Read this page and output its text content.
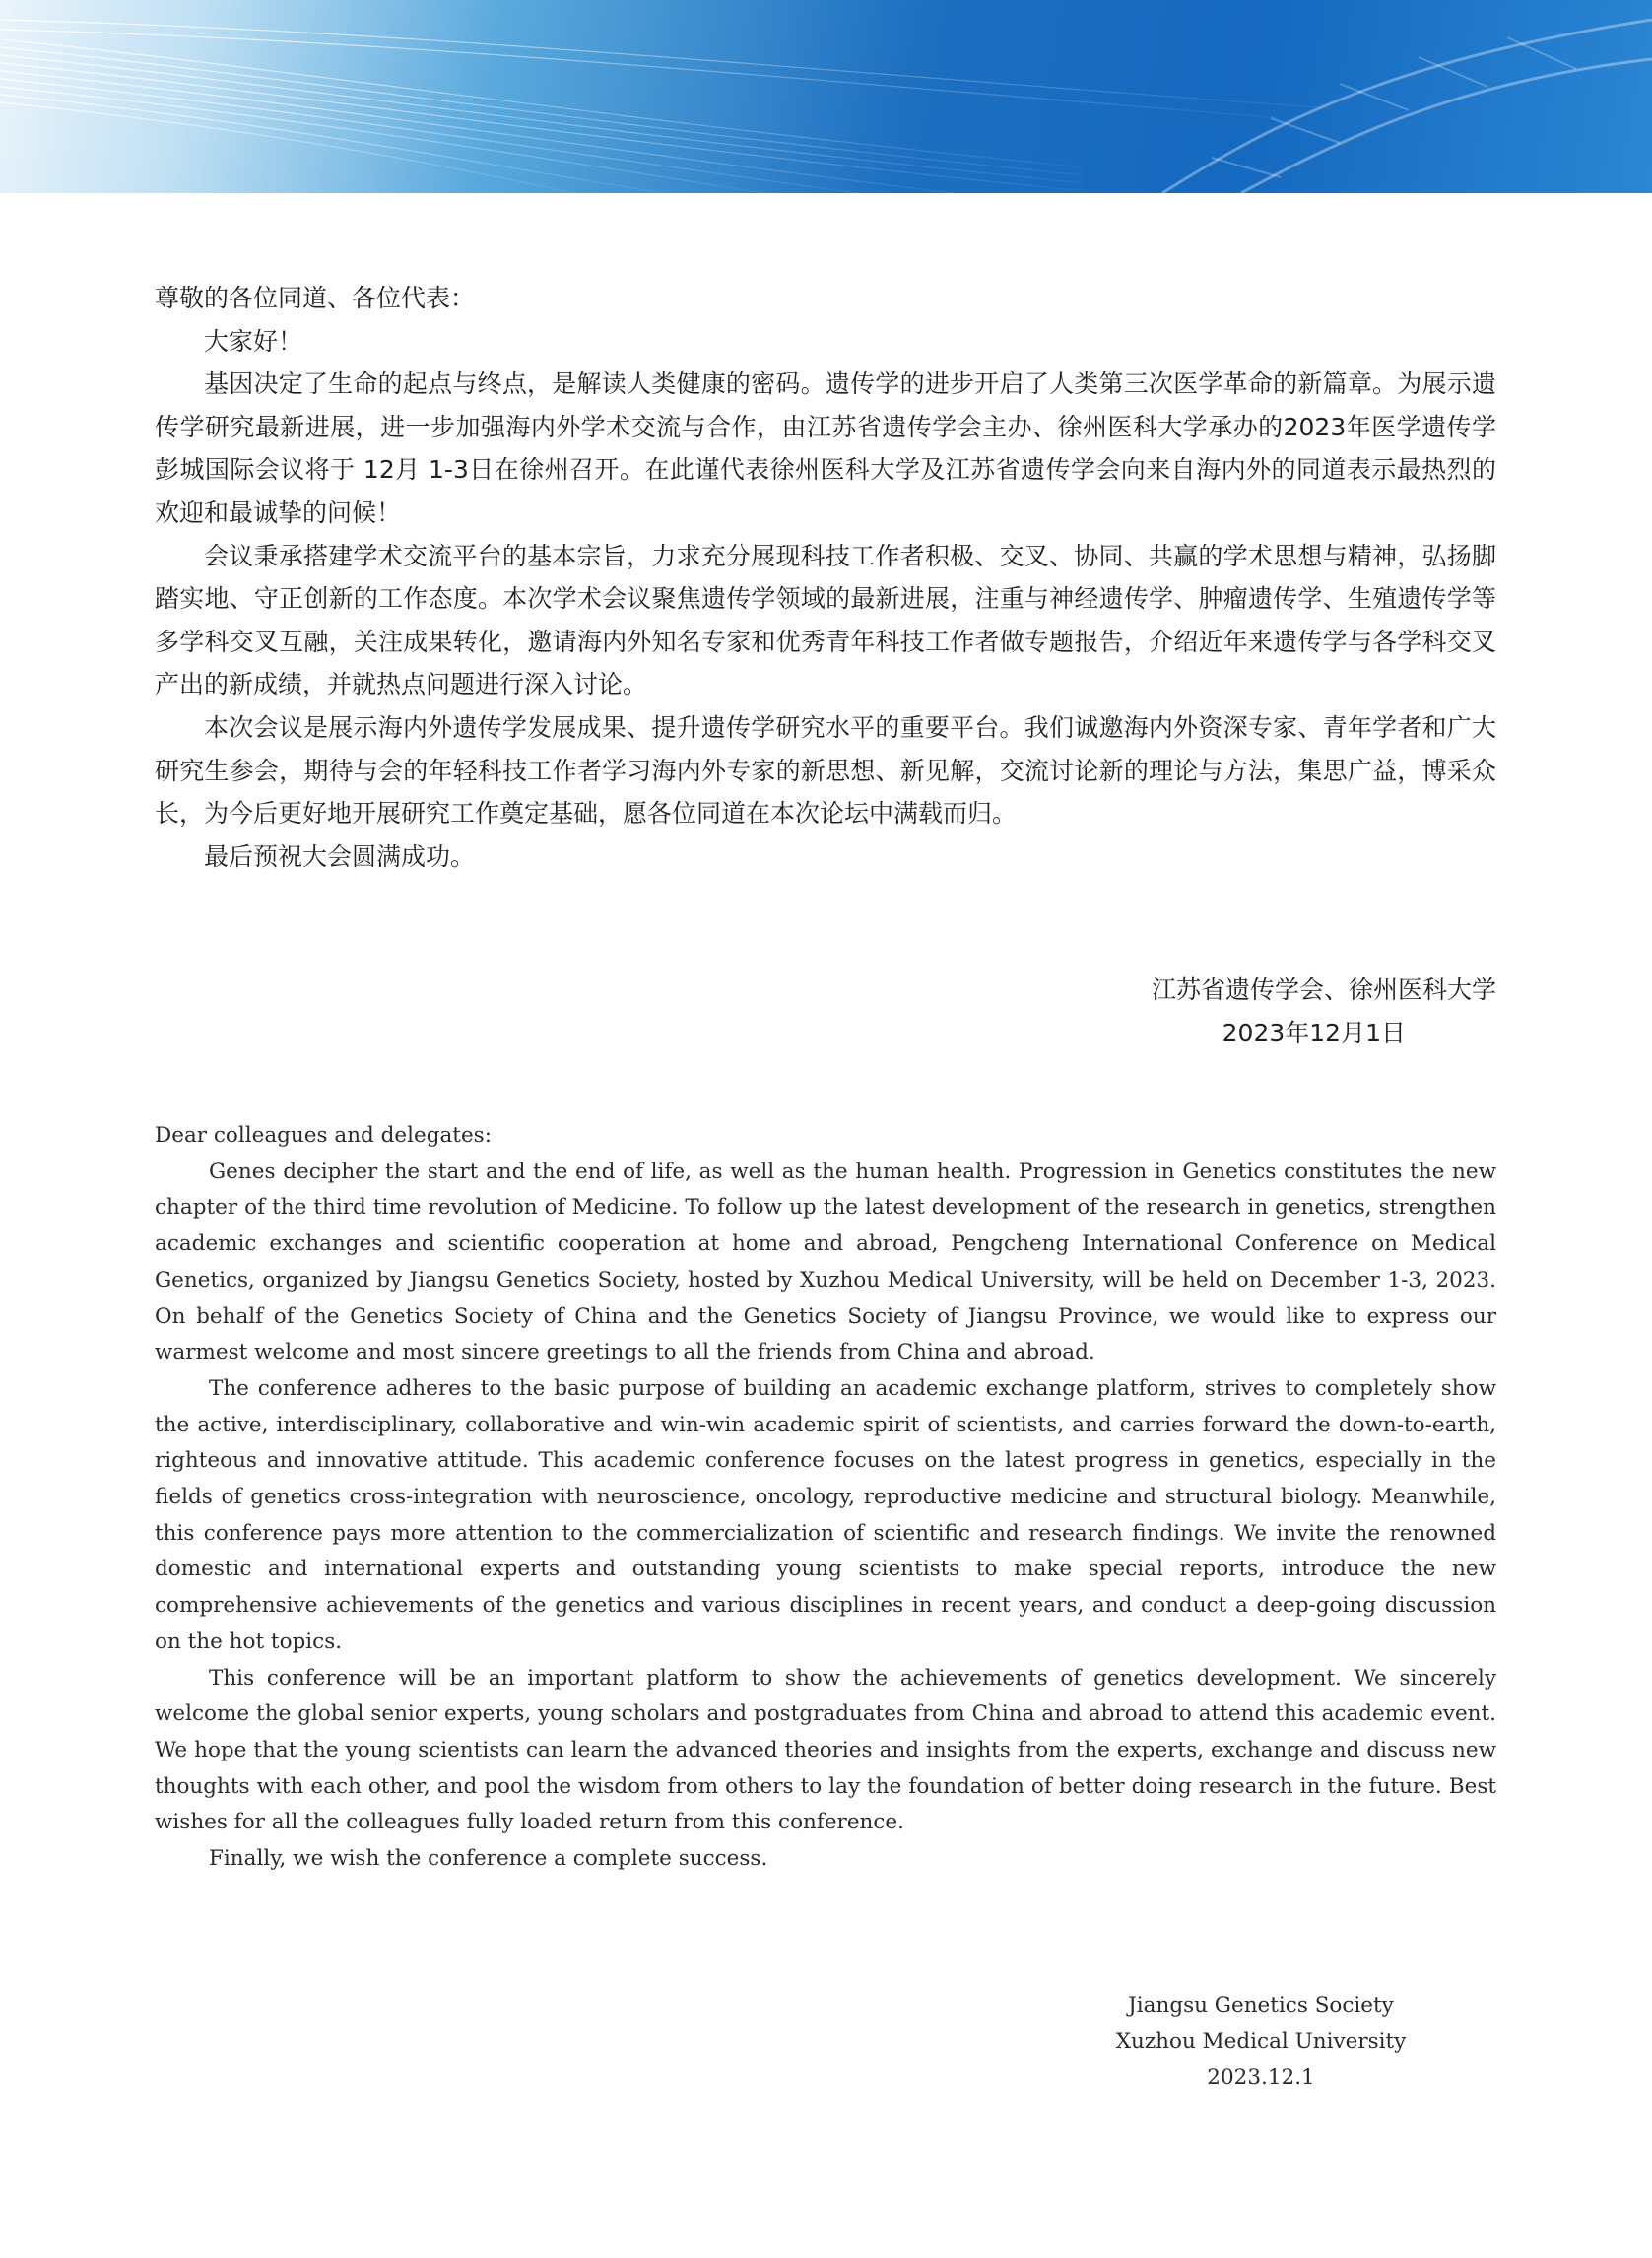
尊敬的各位同道、各位代表：

大家好！

基因决定了生命的起点与终点，是解读人类健康的密码。遗传学的进步开启了人类第三次医学革命的新篇章。为展示遗传学研究最新进展，进一步加强海内外学术交流与合作，由江苏省遗传学会主办、徐州医科大学承办的2023年医学遗传学彭城国际会议将于 12月 1-3日在徐州召开。在此谨代表徐州医科大学及江苏省遗传学会向来自海内外的同道表示最热烈的欢迎和最诚挚的问候！

会议秉承搭建学术交流平台的基本宗旨，力求充分展现科技工作者积极、交叉、协同、共赢的学术思想与精神，弘扬脚踏实地、守正创新的工作态度。本次学术会议聚焦遗传学领域的最新进展，注重与神经遗传学、肿瘤遗传学、生殖遗传学等多学科交叉互融，关注成果转化，邀请海内外知名专家和优秀青年科技工作者做专题报告，介绍近年来遗传学与各学科交叉产出的新成绩，并就热点问题进行深入讨论。

本次会议是展示海内外遗传学发展成果、提升遗传学研究水平的重要平台。我们诚邀海内外资深专家、青年学者和广大研究生参会，期待与会的年轻科技工作者学习海内外专家的新思想、新见解，交流讨论新的理论与方法，集思广益，博采众长，为今后更好地开展研究工作奠定基础，愿各位同道在本次论坛中满载而归。

最后预祝大会圆满成功。

江苏省遗传学会、徐州医科大学
2023年12月1日

Dear colleagues and delegates:

Genes decipher the start and the end of life, as well as the human health. Progression in Genetics constitutes the new chapter of the third time revolution of Medicine. To follow up the latest development of the research in genetics, strengthen academic exchanges and scientific cooperation at home and abroad, Pengcheng International Conference on Medical Genetics, organized by Jiangsu Genetics Society, hosted by Xuzhou Medical University, will be held on December 1-3, 2023. On behalf of the Genetics Society of China and the Genetics Society of Jiangsu Province, we would like to express our warmest welcome and most sincere greetings to all the friends from China and abroad.

The conference adheres to the basic purpose of building an academic exchange platform, strives to completely show the active, interdisciplinary, collaborative and win-win academic spirit of scientists, and carries forward the down-to-earth, righteous and innovative attitude. This academic conference focuses on the latest progress in genetics, especially in the fields of genetics cross-integration with neuroscience, oncology, reproductive medicine and structural biology. Meanwhile, this conference pays more attention to the commercialization of scientific and research findings. We invite the renowned domestic and international experts and outstanding young scientists to make special reports, introduce the new comprehensive achievements of the genetics and various disciplines in recent years, and conduct a deep-going discussion on the hot topics.

This conference will be an important platform to show the achievements of genetics development. We sincerely welcome the global senior experts, young scholars and postgraduates from China and abroad to attend this academic event. We hope that the young scientists can learn the advanced theories and insights from the experts, exchange and discuss new thoughts with each other, and pool the wisdom from others to lay the foundation of better doing research in the future. Best wishes for all the colleagues fully loaded return from this conference.

Finally, we wish the conference a complete success.

Jiangsu Genetics Society
Xuzhou Medical University
2023.12.1
